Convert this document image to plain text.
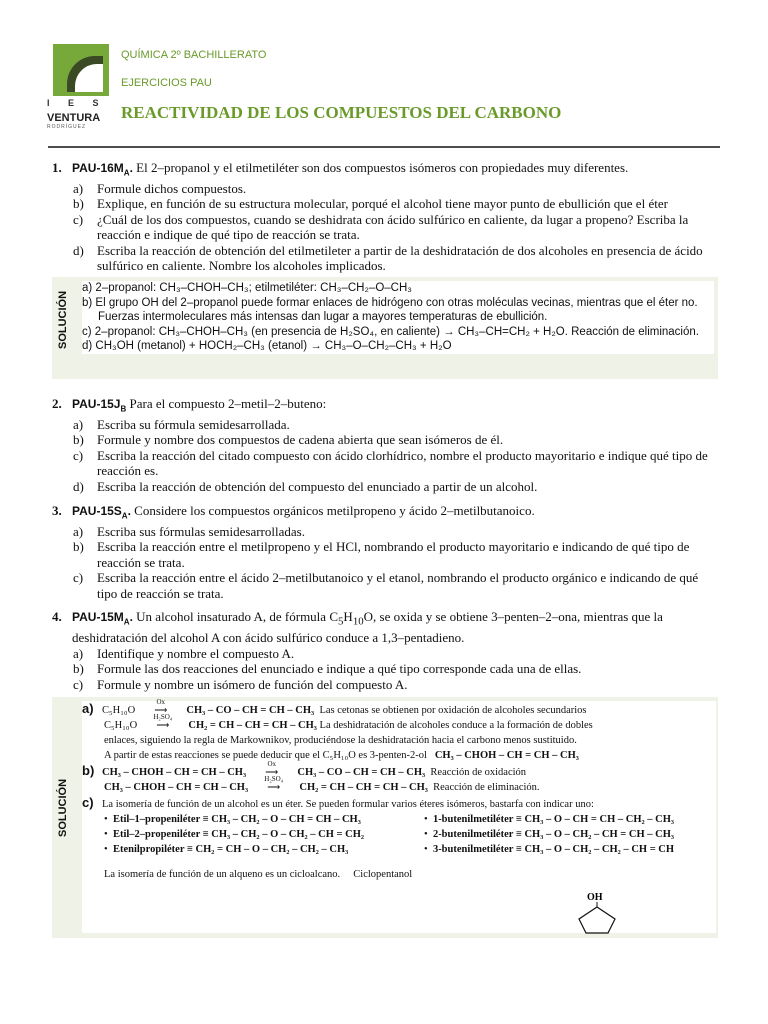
I E S
VENTURA
RODRÍGUEZ
QUÍMICA 2º BACHILLERATO
EJERCICIOS PAU
REACTIVIDAD DE LOS COMPUESTOS DEL CARBONO

1. PAU-$16M_A$. El 2–propanol y el etilmetiléter son dos compuestos isómeros con propiedades muy diferentes.

a) Formule dichos compuestos.
b) Explique, en función de su estructura molecular, porqué el alcohol tiene mayor punto de ebullición que el éter
c) ¿Cuál de los dos compuestos, cuando se deshidrata con ácido sulfúrico en caliente, da lugar a propeno? Escriba la reacción e indique de qué tipo de reacción se trata.
d) Escriba la reacción de obtención del etilmetileter a partir de la deshidratación de dos alcoholes en presencia de ácido sulfúrico en caliente. Nombre los alcoholes implicados.
SOLUCIÓN

a) 2–propanol: CH₃–CHOH–CH₃; etilmetiléter: CH₃–CH₂–O–CH₃

b) El grupo OH del 2–propanol puede formar enlaces de hidrógeno con otras moléculas vecinas, mientras que el éter no. Fuerzas intermoleculares más intensas dan lugar a mayores temperaturas de ebullición.

c) 2–propanol: CH₃–CHOH–CH₃ (en presencia de H₂SO₄, en caliente) → CH₃–CH=CH₂ + H₂O. Reacción de eliminación.

d) CH₃OH (metanol) + HOCH₂–CH₃ (etanol) → CH₃–O–CH₂–CH₃ + H₂O

2. PAU-$15J_B$ Para el compuesto 2–metil–2–buteno:

a) Escriba su fórmula semidesarrollada.
b) Formule y nombre dos compuestos de cadena abierta que sean isómeros de él.
c) Escriba la reacción del citado compuesto con ácido clorhídrico, nombre el producto mayoritario e indique qué tipo de reacción es.
d) Escriba la reacción de obtención del compuesto del enunciado a partir de un alcohol.

3. PAU-$15S_A$. Considere los compuestos orgánicos metilpropeno y ácido 2–metilbutanoico.

a) Escriba sus fórmulas semidesarrolladas.
b) Escriba la reacción entre el metilpropeno y el HCl, nombrando el producto mayoritario e indicando de qué tipo de reacción se trata.
c) Escriba la reacción entre el ácido 2–metilbutanoico y el etanol, nombrando el producto orgánico e indicando de qué tipo de reacción se trata.

4. PAU-$15M_A$. Un alcohol insaturado A, de fórmula $C_5H_{10}O$, se oxida y se obtiene 3–penten–2–ona, mientras que la deshidratación del alcohol A con ácido sulfúrico conduce a 1,3–pentadieno.

a) Identifique y nombre el compuesto A.
b) Formule las dos reacciones del enunciado e indique a qué tipo corresponde cada una de ellas.
c) Formule y nombre un isómero de función del compuesto A.
SOLUCIÓN

a) C₅H₁₀O
Ox
⟶ CH₃ – CO – CH = CH – CH₃ Las cetonas se obtienen por oxidación de alcoholes secundarios

C₅H₁₀O
H₂SO₄
⟶ CH₂ = CH – CH = CH – CH₃ La deshidratación de alcoholes conduce a la formación de dobles

enlaces, siguiendo la regla de Markownikov, produciéndose la deshidratación hacia el carbono menos sustituido.

A partir de estas reacciones se puede deducir que el C₅H₁₀O es 3-penten-2-ol CH₃ – CHOH – CH = CH – CH₃

b) CH₃ – CHOH – CH = CH – CH₃
Ox
⟶ CH₃ – CO – CH = CH – CH₃ Reacción de oxidación

CH₃ – CHOH – CH = CH – CH₃
H₂SO₄
⟶ CH₂ = CH – CH = CH – CH₃ Reacción de eliminación.

c) La isomería de función de un alcohol es un éter. Se pueden formular varios éteres isómeros, bastarfa con indicar uno:

• Etil–1–propeniléter ≡ CH₃ – CH₂ – O – CH = CH – CH₃

• Etil–2–propeniléter ≡ CH₃ – CH₂ – O – CH₂ – CH = CH₂

• Etenilpropiléter ≡ CH₂ = CH – O – CH₂ – CH₂ – CH₃

• 1-butenilmetiléter ≡ CH₃ – O – CH = CH – CH₂ – CH₃

• 2-butenilmetiléter ≡ CH₃ – O – CH₂ – CH = CH – CH₃

• 3-butenilmetiléter ≡ CH₃ – O – CH₂ – CH₂ – CH = CH

La isomería de función de un alqueno es un cicloalcano. Ciclopentanol

OH
